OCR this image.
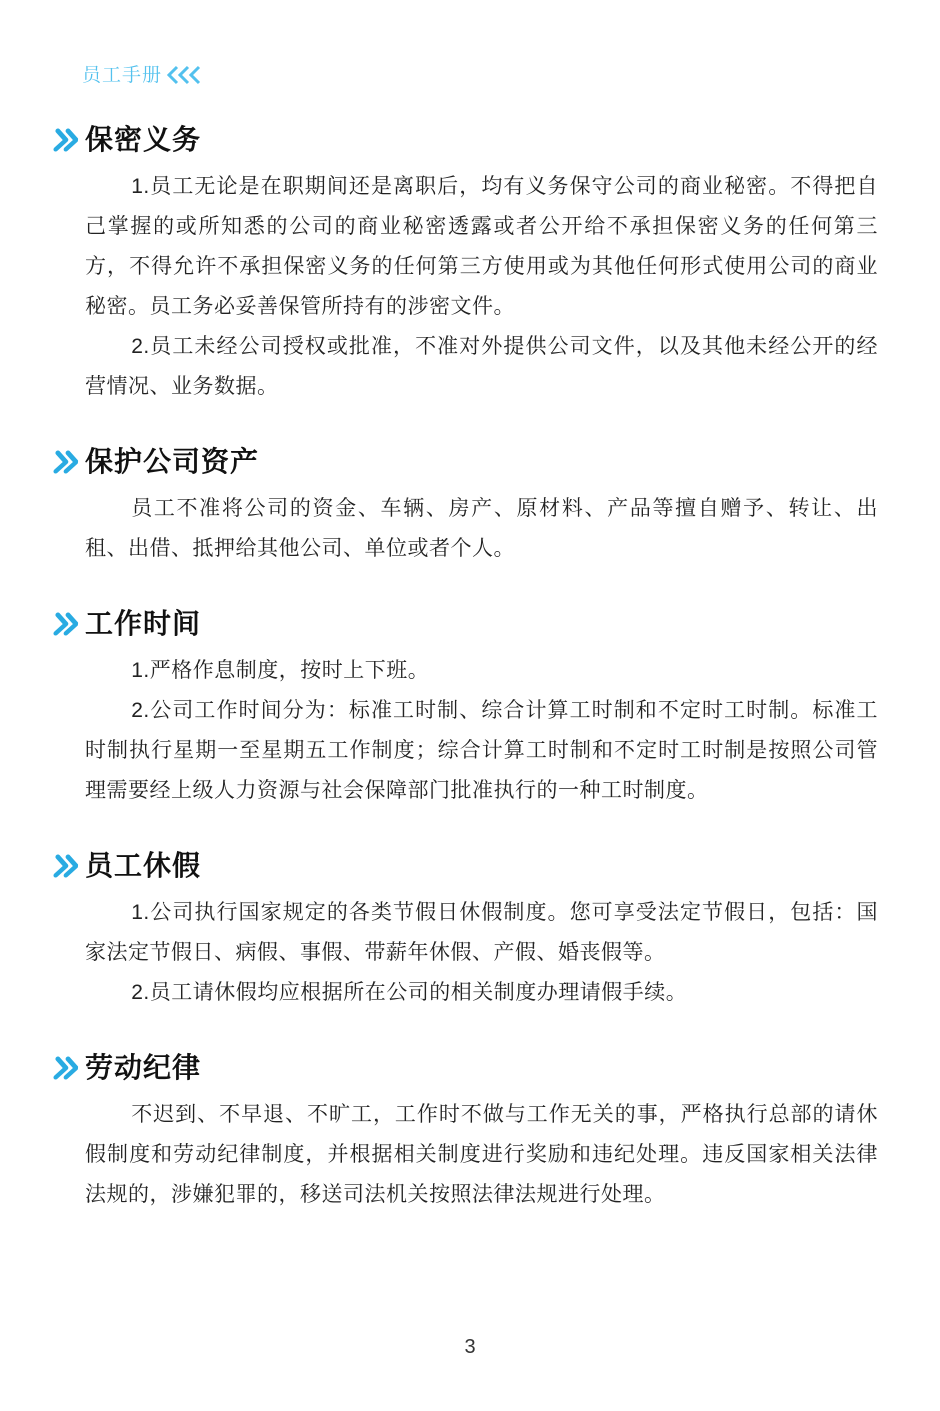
员工手册
保密义务

1.员工无论是在职期间还是离职后，均有义务保守公司的商业秘密。不得把自己掌握的或所知悉的公司的商业秘密透露或者公开给不承担保密义务的任何第三方，不得允许不承担保密义务的任何第三方使用或为其他任何形式使用公司的商业秘密。员工务必妥善保管所持有的涉密文件。

2.员工未经公司授权或批准，不准对外提供公司文件，以及其他未经公开的经营情况、业务数据。

保护公司资产

员工不准将公司的资金、车辆、房产、原材料、产品等擅自赠予、转让、出租、出借、抵押给其他公司、单位或者个人。

工作时间

1.严格作息制度，按时上下班。

2.公司工作时间分为：标准工时制、综合计算工时制和不定时工时制。标准工时制执行星期一至星期五工作制度；综合计算工时制和不定时工时制是按照公司管理需要经上级人力资源与社会保障部门批准执行的一种工时制度。

员工休假

1.公司执行国家规定的各类节假日休假制度。您可享受法定节假日，包括：国家法定节假日、病假、事假、带薪年休假、产假、婚丧假等。

2.员工请休假均应根据所在公司的相关制度办理请假手续。

劳动纪律

不迟到、不早退、不旷工，工作时不做与工作无关的事，严格执行总部的请休假制度和劳动纪律制度，并根据相关制度进行奖励和违纪处理。违反国家相关法律法规的，涉嫌犯罪的，移送司法机关按照法律法规进行处理。

3
